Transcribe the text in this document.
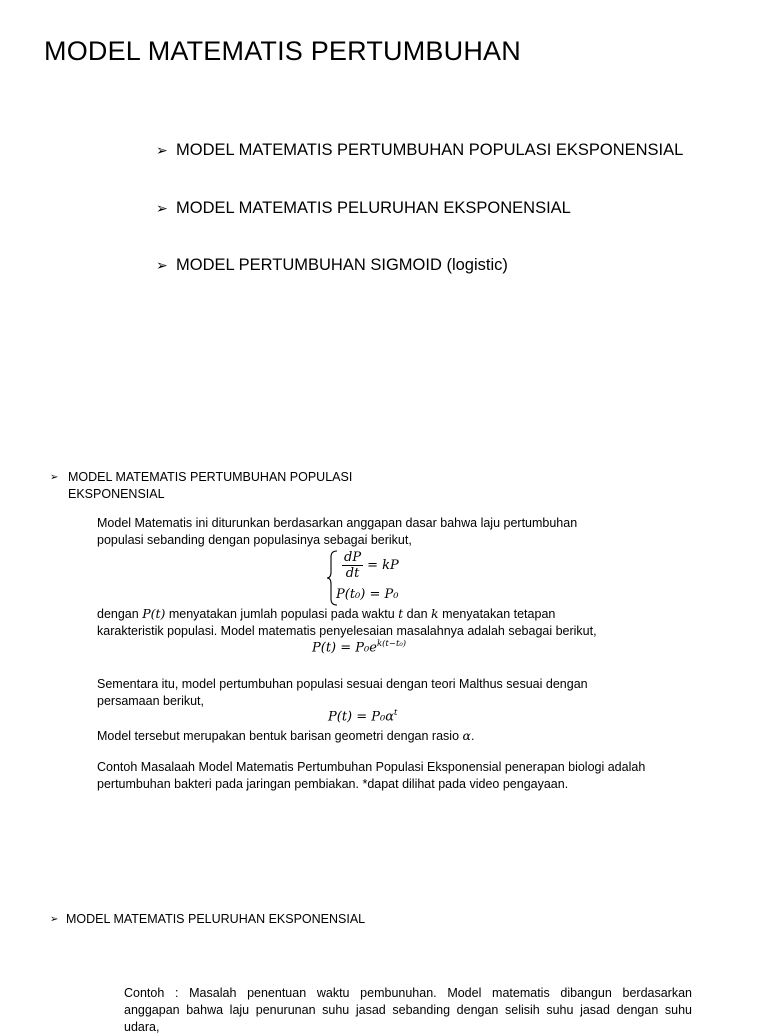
MODEL MATEMATIS PERTUMBUHAN
➢ MODEL MATEMATIS PERTUMBUHAN POPULASI EKSPONENSIAL
➢ MODEL MATEMATIS PELURUHAN EKSPONENSIAL
➢ MODEL PERTUMBUHAN SIGMOID (logistic)
➢ MODEL MATEMATIS PERTUMBUHAN POPULASI
EKSPONENSIAL

Model Matematis ini diturunkan berdasarkan anggapan dasar bahwa laju pertumbuhan populasi sebanding dengan populasinya sebagai berikut,

$\frac{dP}{dt}$ = kP
P(t₀) = P₀

dengan P(t) menyatakan jumlah populasi pada waktu t dan k menyatakan tetapan karakteristik populasi. Model matematis penyelesaian masalahnya adalah sebagai berikut,

$P(t) = P_0e^{k(t-t_0)}$

Sementara itu, model pertumbuhan populasi sesuai dengan teori Malthus sesuai dengan persamaan berikut,

$P(t) = P_0\alpha^t$

Model tersebut merupakan bentuk barisan geometri dengan rasio α.

Contoh Masalaah Model Matematis Pertumbuhan Populasi Eksponensial penerapan biologi adalah pertumbuhan bakteri pada jaringan pembiakan. *dapat dilihat pada video pengayaan.

➢ MODEL MATEMATIS PELURUHAN EKSPONENSIAL
Contoh : Masalah penentuan waktu pembunuhan. Model matematis dibangun berdasarkan
anggapan bahwa laju penurunan suhu jasad sebanding dengan selisih suhu jasad dengan suhu
udara,
